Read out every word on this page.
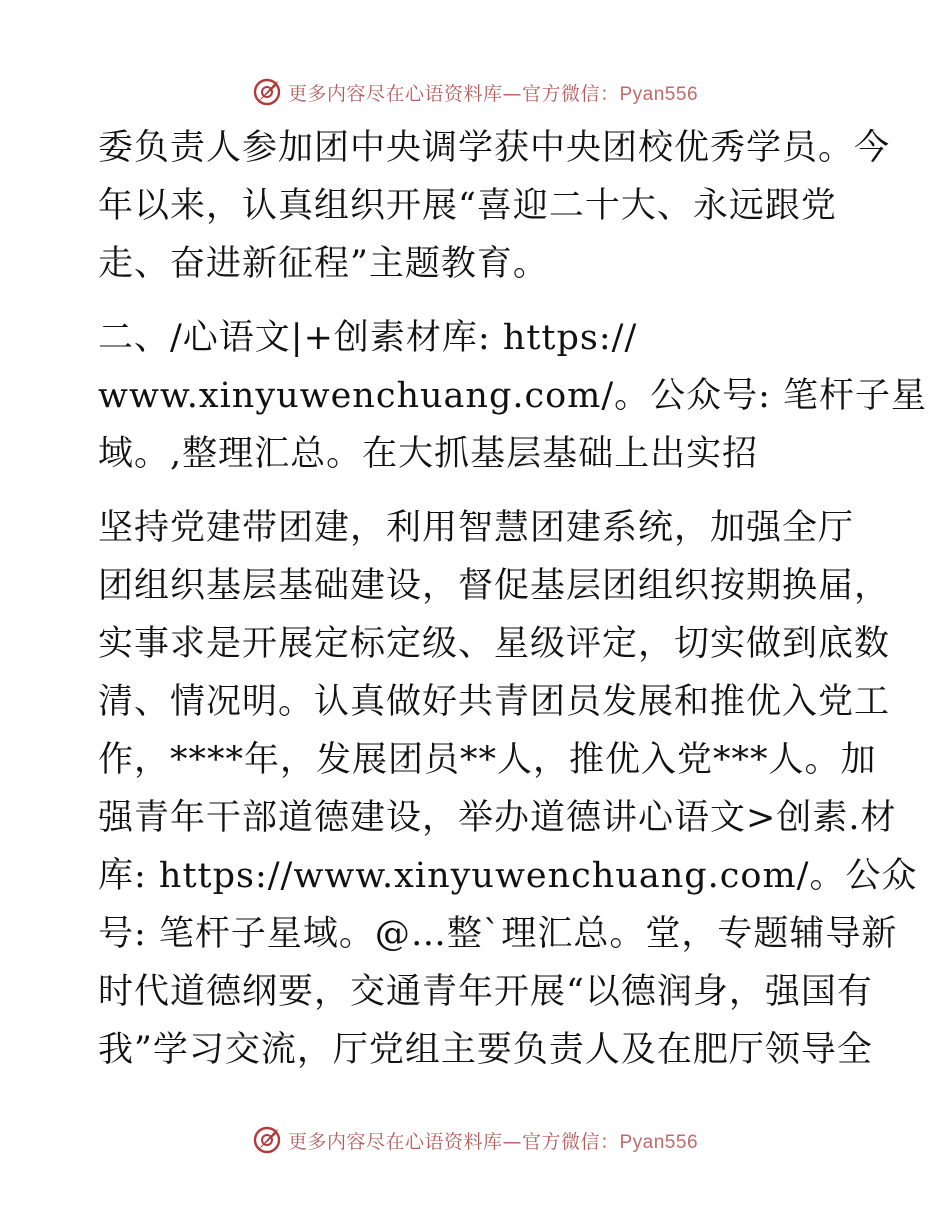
更多内容尽在心语资料库—官方微信：Pyan556
委负责人参加团中央调学获中央团校优秀学员。今
年以来，认真组织开展“喜迎二十大、永远跟党
走、奋进新征程”主题教育。
二、/心语文|+创素材库: https://
www.xinyuwenchuang.com/。公众号: 笔杆子星
域。,整理汇总。在大抓基层基础上出实招
坚持党建带团建，利用智慧团建系统，加强全厅
团组织基层基础建设，督促基层团组织按期换届，
实事求是开展定标定级、星级评定，切实做到底数
清、情况明。认真做好共青团员发展和推优入党工
作，****年，发展团员**人，推优入党***人。加
强青年干部道德建设，举办道德讲心语文>创素.材
库: https://www.xinyuwenchuang.com/。公众
号: 笔杆子星域。@…整`理汇总。堂，专题辅导新
时代道德纲要，交通青年开展“以德润身，强国有
我”学习交流，厅党组主要负责人及在肥厅领导全
更多内容尽在心语资料库—官方微信：Pyan556
